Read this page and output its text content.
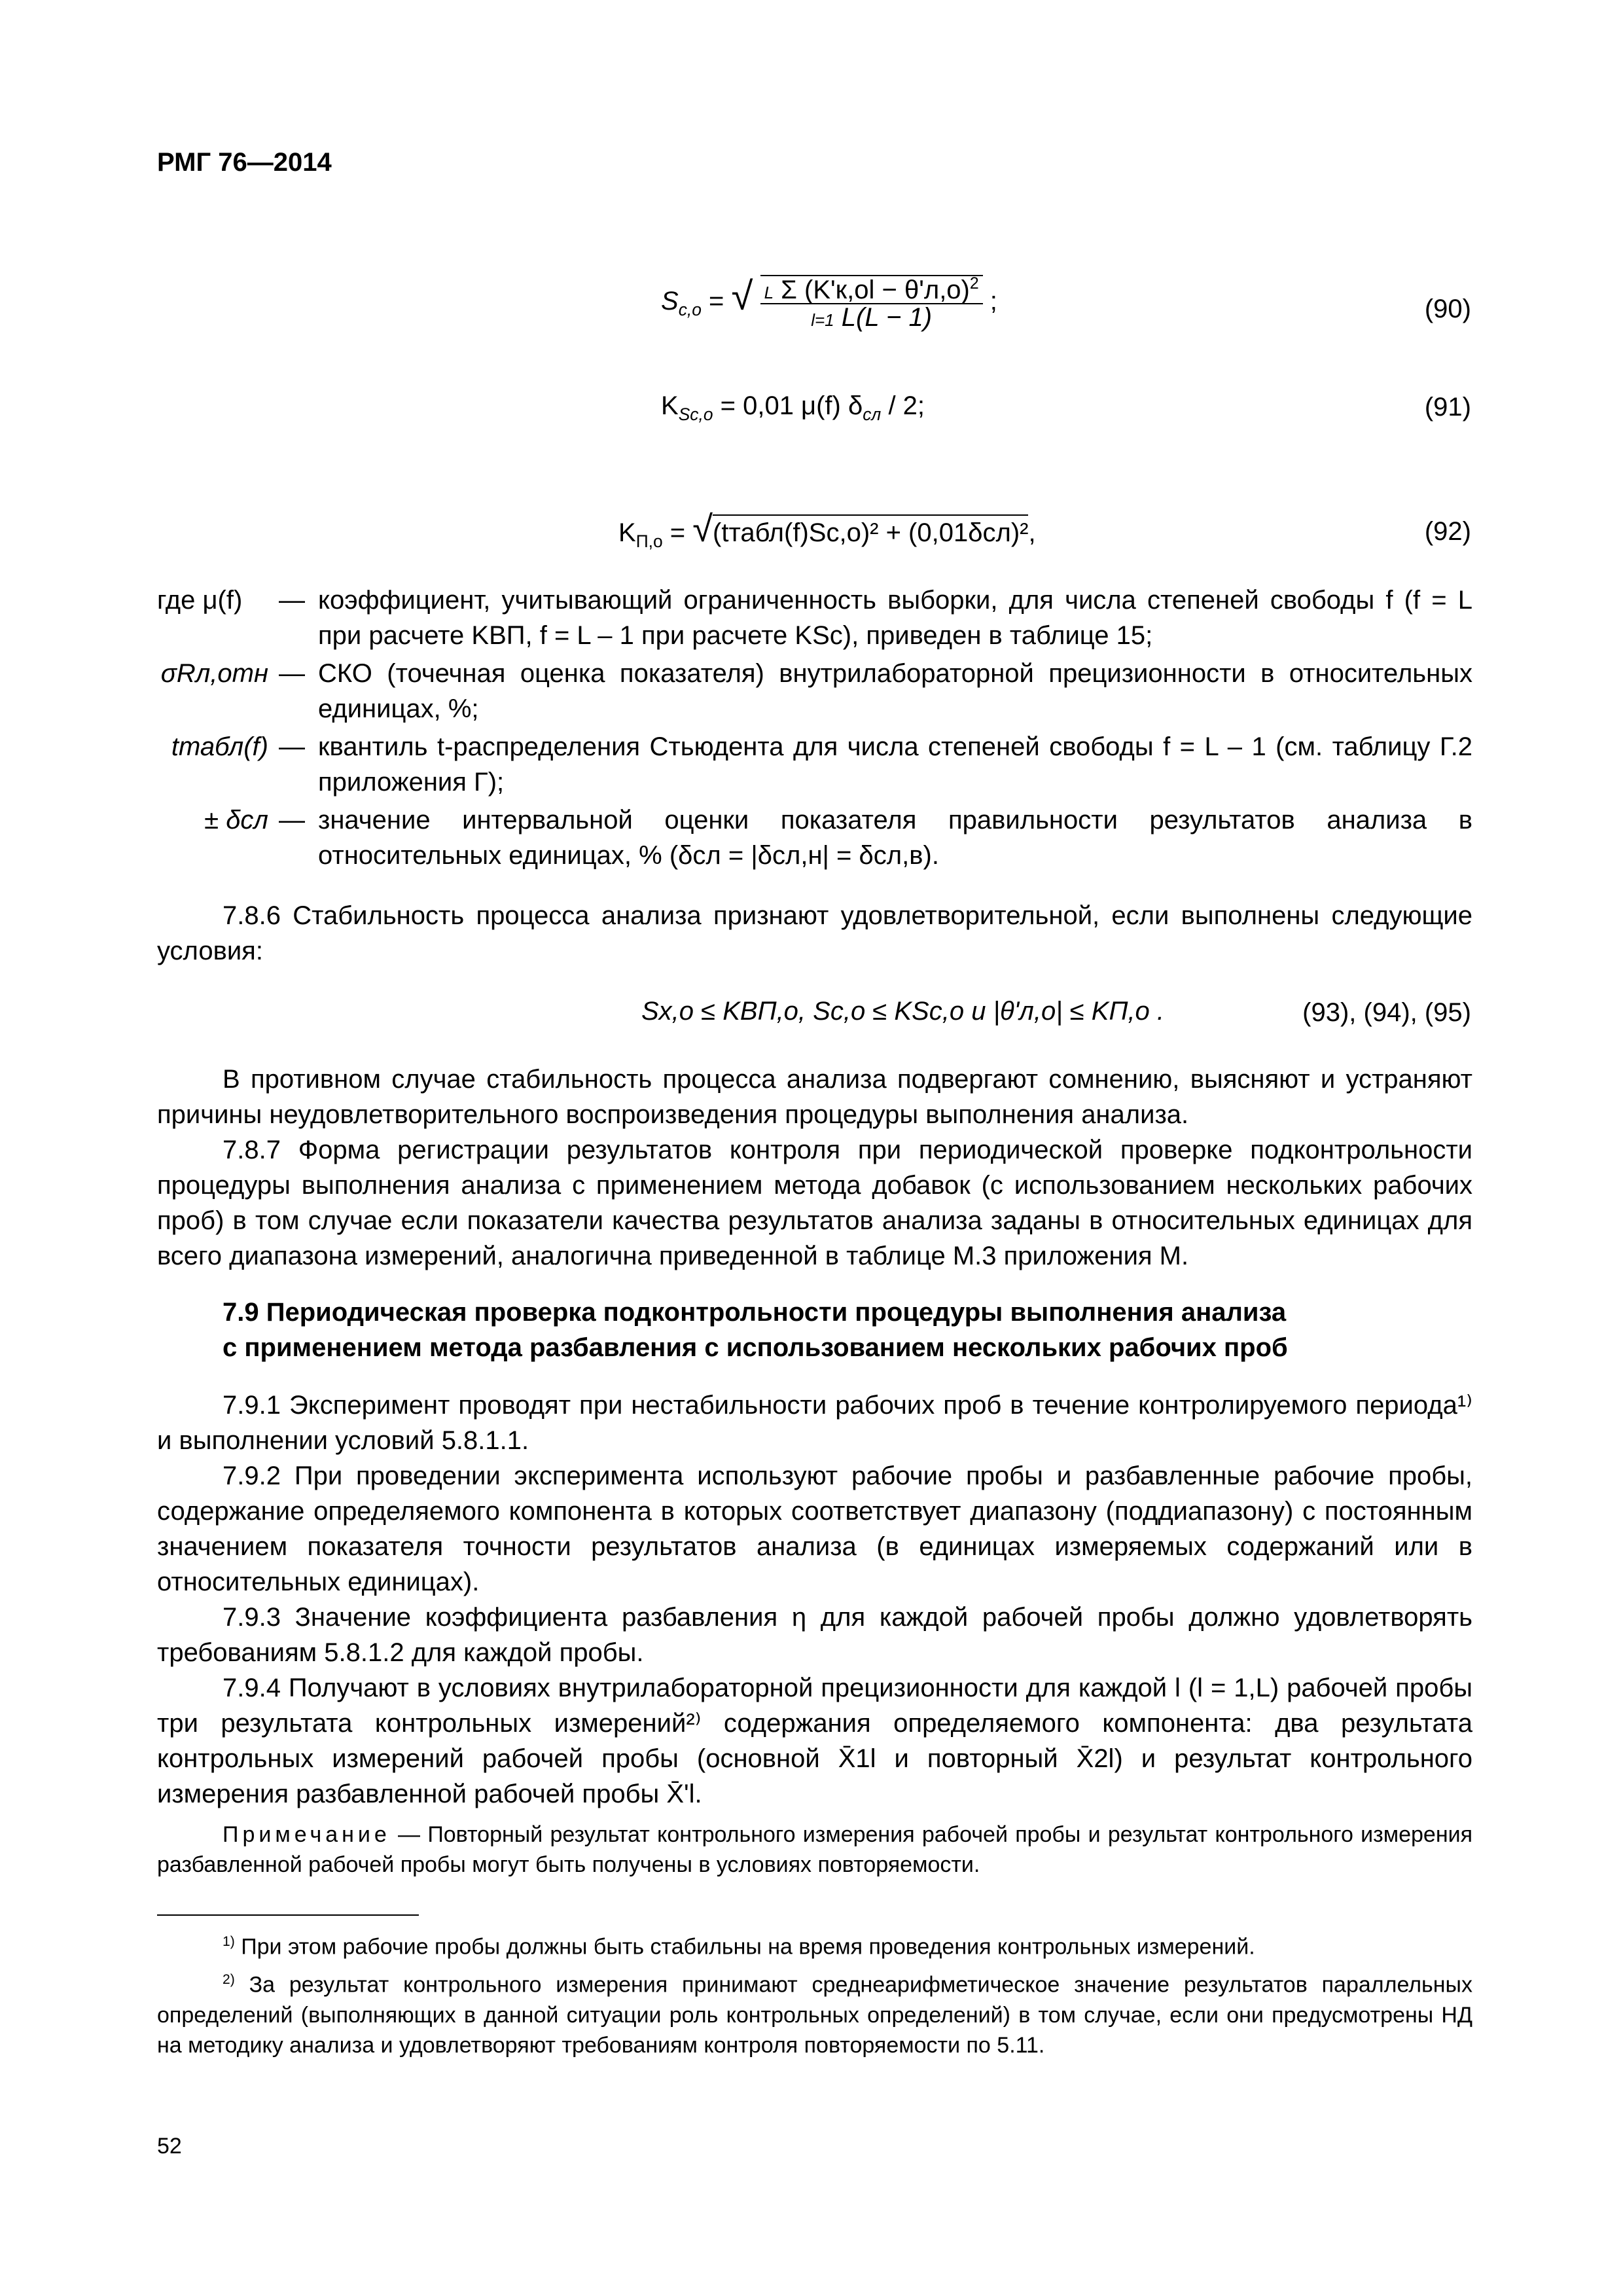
РМГ 76—2014
$S_{с,о}$ = √ $\frac{L \Sigma (K'к,оl - \theta'л,о)^2}{l=1 L(L - 1)}$ ;	(90)
$K_{Sс,о} = 0,01$ μ(f) $\delta_{сл} / 2$;	(91)
$K_{П,о}$ = √(tтабл(f)Sс,о)² + (0,01δсл)²,	(92)
где μ(f)	— коэффициент, учитывающий ограниченность выборки, для числа степеней свободы f (f = L при расчете KВП, f = L – 1 при расчете KSс), приведен в таблице 15;
σRл,отн — СКО (точечная оценка показателя) внутрилабораторной прецизионности в относительных единицах, %;
tтабл(f) — квантиль t-распределения Стьюдента для числа степеней свободы f = L – 1 (см. таблицу Г.2 приложения Г);
± δсл — значение интервальной оценки показателя правильности результатов анализа в относительных единицах, % (δсл = |δсл,н| = δсл,в).
7.8.6 Стабильность процесса анализа признают удовлетворительной, если выполнены следующие условия:
Sх,о ≤ KВП,о, Sс,о ≤ KSс,о и |θ'л,о| ≤ KП,о .	(93), (94), (95)
В противном случае стабильность процесса анализа подвергают сомнению, выясняют и устраняют причины неудовлетворительного воспроизведения процедуры выполнения анализа.
7.8.7 Форма регистрации результатов контроля при периодической проверке подконтрольности процедуры выполнения анализа с применением метода добавок (с использованием нескольких рабочих проб) в том случае если показатели качества результатов анализа заданы в относительных единицах для всего диапазона измерений, аналогична приведенной в таблице М.3 приложения М.
7.9 Периодическая проверка подконтрольности процедуры выполнения анализа
с применением метода разбавления с использованием нескольких рабочих проб
7.9.1 Эксперимент проводят при нестабильности рабочих проб в течение контролируемого периода¹⁾ и выполнении условий 5.8.1.1.
7.9.2 При проведении эксперимента используют рабочие пробы и разбавленные рабочие пробы, содержание определяемого компонента в которых соответствует диапазону (поддиапазону) с постоянным значением показателя точности результатов анализа (в единицах измеряемых содержаний или в относительных единицах).
7.9.3 Значение коэффициента разбавления η для каждой рабочей пробы должно удовлетворять требованиям 5.8.1.2 для каждой пробы.
7.9.4 Получают в условиях внутрилабораторной прецизионности для каждой l (l = 1,L) рабочей пробы три результата контрольных измерений²⁾ содержания определяемого компонента: два результата контрольных измерений рабочей пробы (основной X̄1l и повторный X̄2l) и результат контрольного измерения разбавленной рабочей пробы X̄'l.
Примечание — Повторный результат контрольного измерения рабочей пробы и результат контрольного измерения разбавленной рабочей пробы могут быть получены в условиях повторяемости.
$^{1)}$ При этом рабочие пробы должны быть стабильны на время проведения контрольных измерений.
$^{2)}$ За результат контрольного измерения принимают среднеарифметическое значение результатов параллельных определений (выполняющих в данной ситуации роль контрольных определений) в том случае, если они предусмотрены НД на методику анализа и удовлетворяют требованиям контроля повторяемости по 5.11.
52
